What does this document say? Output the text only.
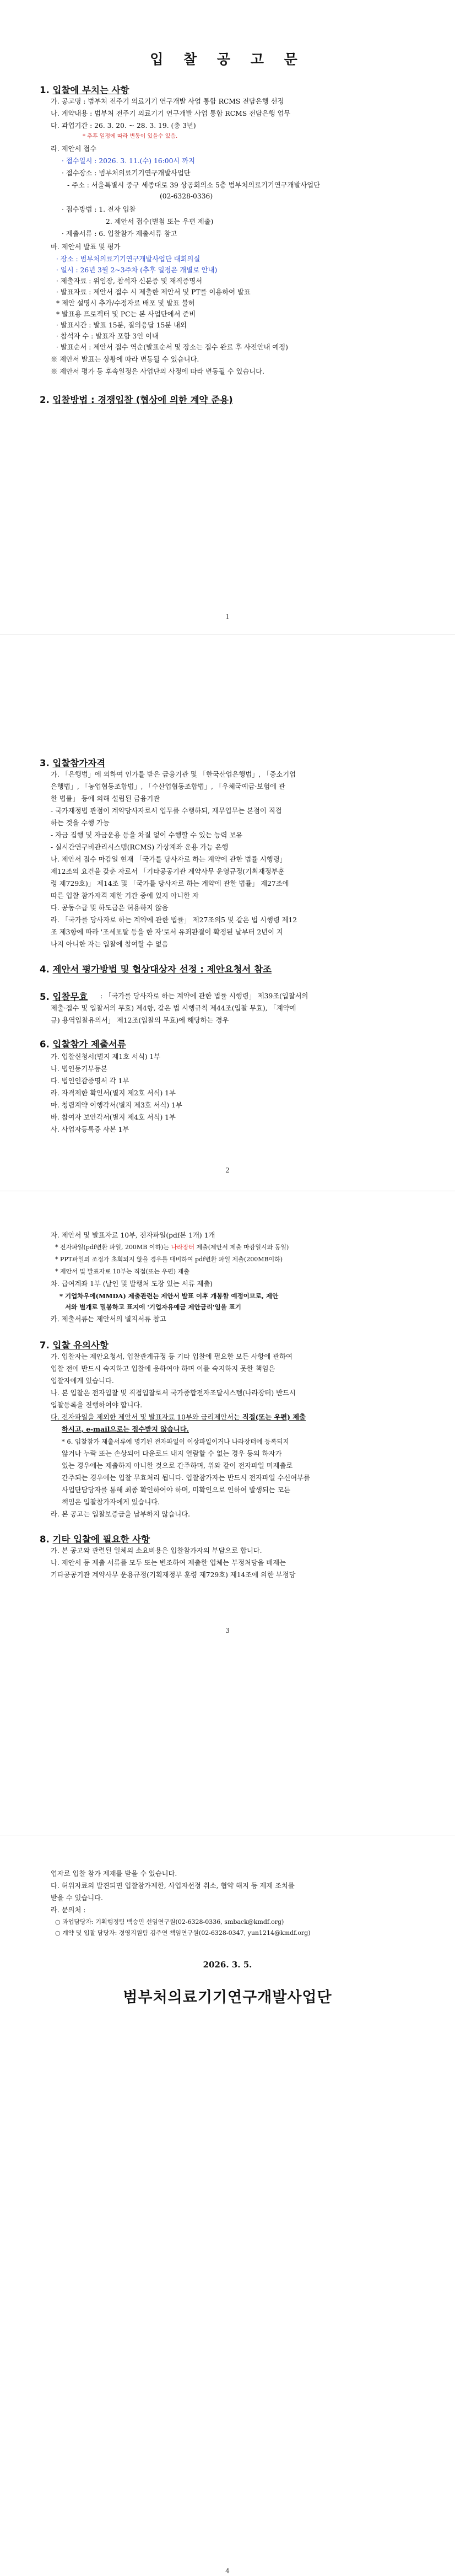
입 찰 공 고 문
1. 입찰에 부치는 사항
가. 공고명 : 범부처 전주기 의료기기 연구개발 사업 통합 RCMS 전담은행 선정
나. 계약내용 : 범부처 전주기 의료기기 연구개발 사업 통합 RCMS 전담은행 업무
다. 과업기간 : 26. 3. 20. ~ 28. 3. 19. (총 3년)
* 추후 일정에 따라 변동이 있을수 있음.
라. 제안서 접수
· 접수일시 : 2026. 3. 11.(수) 16:00시 까지
· 접수장소 : 범부처의료기기연구개발사업단
- 주소 : 서울특별시 중구 세종대로 39 상공회의소 5층 범부처의료기기연구개발사업단
(02-6328-0336)
· 접수방법 : 1. 전자 입찰
2. 제안서 접수(별첨 또는 우편 제출)
· 제출서류 : 6. 입찰참가 제출서류 참고
마. 제안서 발표 및 평가
· 장소 : 범부처의료기기연구개발사업단 대회의실
· 일시 : 26년 3월 2~3주차 (추후 일정은 개별로 안내)
· 제출자료 : 위임장, 참석자 신분증 및 재직증명서
· 발표자료 : 제안서 접수 시 제출한 제안서 및 PT를 이용하여 발표
* 제안 설명시 추가/수정자료 배포 및 발표 불허
* 발표용 프로젝터 및 PC는 본 사업단에서 준비
· 발표시간 : 발표 15분, 질의응답 15분 내외
· 참석자 수 : 발표자 포함 3인 이내
· 발표순서 : 제안서 접수 역순(발표순서 및 장소는 접수 완료 후 사전안내 예정)
※ 제안서 발표는 상황에 따라 변동될 수 있습니다.
※ 제안서 평가 등 후속일정은 사업단의 사정에 따라 변동될 수 있습니다.
2. 입찰방법 : 경쟁입찰 (협상에 의한 계약 준용)
1
3. 입찰참가자격
가. 「은행법」에 의하여 인가를 받은 금융기관 및 「한국산업은행법」, 「중소기업
은행법」, 「농업협동조합법」, 「수산업협동조합법」, 「우체국예금·보험에 관
한 법률」 등에 의해 설립된 금융기관
- 국가재정법 관점이 계약당사자로서 업무를 수행하되, 재무업무는 본점이 직접
하는 것을 수행 가능
- 자금 집행 및 자금운용 등을 차질 없이 수행할 수 있는 능력 보유
- 실시간연구비관리시스템(RCMS) 가상계좌 운용 가능 은행
나. 제안서 접수 마감일 현재 「국가를 당사자로 하는 계약에 관한 법률 시행령」
제12조의 요건을 갖춘 자로서 「기타공공기관 계약사무 운영규정(기획재정부훈
령 제729호)」 제14조 및 「국가를 당사자로 하는 계약에 관한 법률」 제27조에
따른 입찰 참가자격 제한 기간 중에 있지 아니한 자
다. 공동수급 및 하도급은 허용하지 않음
라. 「국가를 당사자로 하는 계약에 관한 법률」 제27조의5 및 같은 법 시행령 제12
조 제3항에 따라 '조세포탈 등을 한 자'로서 유죄판결이 확정된 날부터 2년이 지
나지 아니한 자는 입찰에 참여할 수 없음
4. 제안서 평가방법 및 협상대상자 선정 : 제안요청서 참조
5. 입찰무효 : 「국가를 당사자로 하는 계약에 관한 법률 시행령」 제39조(입찰서의
제출·접수 및 입찰서의 무효) 제4항, 같은 법 시행규칙 제44조(입찰 무효), 「계약예
규) 용역입찰유의서」 제12조(입찰의 무효)에 해당하는 경우
6. 입찰참가 제출서류
가. 입찰신청서(별지 제1호 서식) 1부
나. 법인등기부등본
다. 법인인감증명서 각 1부
라. 자격제한 확인서(별지 제2호 서식) 1부
마. 청렴계약 이행각서(별지 제3호 서식) 1부
바. 참여자 보안각서(별지 제4호 서식) 1부
사. 사업자등록증 사본 1부
2
자. 제안서 및 발표자료 10부, 전자파일(pdf본 1개) 1개
* 전자파일(pdf변환 파일, 200MB 이하)는 나라장터 제출(제안서 제출 마감일시와 동일)
* PPT파일의 조정가 초회되지 않을 경우를 대비하여 pdf변환 파일 제출(200MB이하)
* 제안서 및 발표자료 10부는 직접(또는 우편) 제출
차. 급여계좌 1부 (날인 및 발행처 도장 있는 서류 제출)
* 기업차우에(MMDA) 제출관련는 제안서 발표 이후 개봉할 예정이므로, 제안
서와 별개로 밀봉하고 표지에 '기업자유예금 제안금리'임을 표기
카. 제출서류는 제안서의 별지서류 참고
7. 입찰 유의사항
가. 입찰자는 제안요청서, 입찰관계규정 등 기타 입찰에 필요한 모든 사항에 관하여
입찰 전에 반드시 숙지하고 입찰에 응하여야 하며 이를 숙지하지 못한 책임은
입찰자에게 있습니다.
나. 본 입찰은 전자입찰 및 직접입찰로서 국가종합전자조달시스템(나라장터) 반드시
입찰등록을 진행하여야 합니다.
다. 전자파일을 제외한 제안서 및 발표자료 10부와 금리제안서는 직접(또는 우편) 제출
하시고, e-mail으로는 접수받지 않습니다.
* 6. 입찰참가 제출서류에 명기된 전자파일이 이상파일이거나 나라장터에 등록되지
않거나 누락 또는 손상되어 다운로드 내지 열람할 수 없는 경우 등의 하자가
있는 경우에는 제출하지 아니한 것으로 간주하며, 위와 같이 전자파일 미제출로
간주되는 경우에는 입찰 무효처리 됩니다. 입찰참가자는 반드시 전자파일 수신여부를
사업단담당자를 통해 최종 확인하여야 하며, 미확인으로 인하여 발생되는 모든
책임은 입찰참가자에게 있습니다.
라. 본 공고는 입찰보증금을 납부하지 않습니다.
8. 기타 입찰에 필요한 사항
가. 본 공고와 관련된 일체의 소요비용은 입찰참가자의 부담으로 합니다.
나. 제안서 등 제출 서류를 모두 또는 변조하여 제출한 업체는 부정처당을 배제는
기타공공기관 계약사무 운용규정(기획재정부 훈령 제729호) 제14조에 의한 부정당
3
업자로 입찰 참가 제재를 받을 수 있습니다.
다. 허위자료의 발견되면 입찰참가제한, 사업자선정 취소, 협약 해지 등 제재 조치를
받을 수 있습니다.
라. 문의처 :
○ 과업담당자: 기획행정팀 백승민 선임연구원(02-6328-0336, smback@kmdf.org)
○ 계약 및 입찰 담당자: 경영지원팀 김주연 책임연구원(02-6328-0347, yun1214@kmdf.org)
2026. 3. 5.
범부처의료기기연구개발사업단
4
